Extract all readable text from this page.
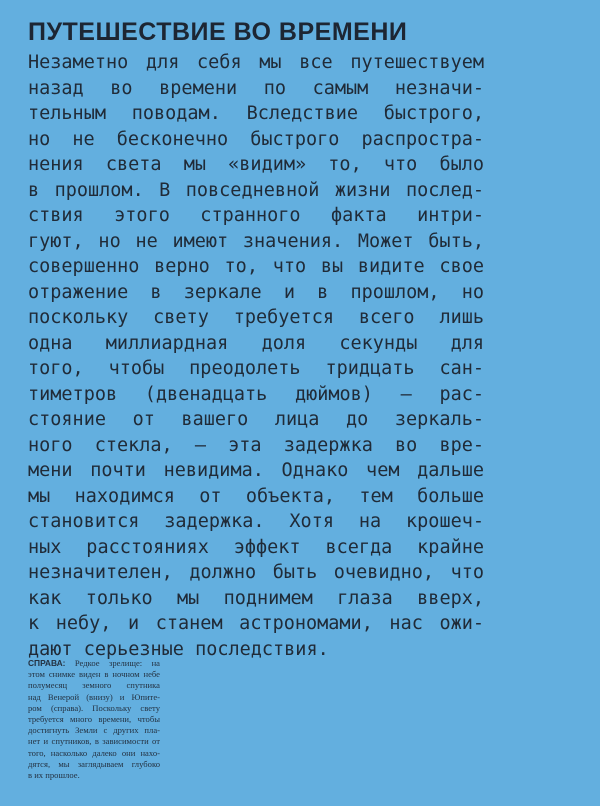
ПУТЕШЕСТВИЕ ВО ВРЕМЕНИ
Незаметно для себя мы все путешествуем
назад во времени по самым незначи-
тельным поводам. Вследствие быстрого,
но не бесконечно быстрого распростра-
нения света мы «видим» то, что было
в прошлом. В повседневной жизни послед-
ствия этого странного факта интри-
гуют, но не имеют значения. Может быть,
совершенно верно то, что вы видите свое
отражение в зеркале и в прошлом, но
поскольку свету требуется всего лишь
одна миллиардная доля секунды для
того, чтобы преодолеть тридцать сан-
тиметров (двенадцать дюймов) – рас-
стояние от вашего лица до зеркаль-
ного стекла, – эта задержка во вре-
мени почти невидима. Однако чем дальше
мы находимся от объекта, тем больше
становится задержка. Хотя на крошеч-
ных расстояниях эффект всегда крайне
незначителен, должно быть очевидно, что
как только мы поднимем глаза вверх,
к небу, и станем астрономами, нас ожи-
дают серьезные последствия.
СПРАВА: Редкое зрелище: на
этом снимке виден в ночном небе
полумесяц земного спутника
над Венерой (внизу) и Юпите-
ром (справа). Поскольку свету
требуется много времени, чтобы
достигнуть Земли с других пла-
нет и спутников, в зависимости от
того, насколько далеко они нахо-
дятся, мы заглядываем глубоко
в их прошлое.
